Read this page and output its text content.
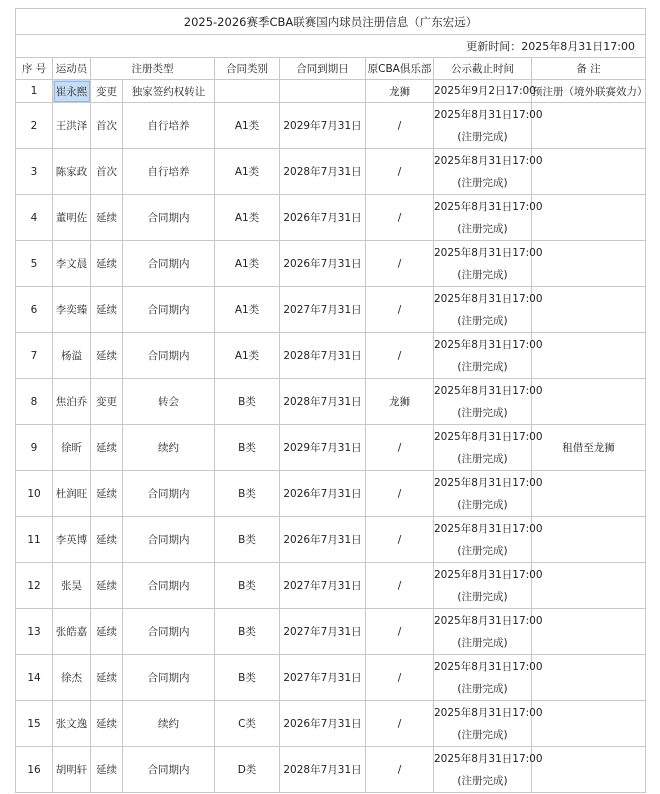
2025-2026赛季CBA联赛国内球员注册信息（广东宏远）								
更新时间：2025年8月31日17:00								
序 号	运动员	注册类型		合同类别	合同到期日	原CBA俱乐部	公示截止时间	备 注
1	崔永熙	变更	独家签约权转让			龙狮	2025年9月2日17:00	预注册（境外联赛效力）
2	王洪泽	首次	自行培养	A1类	2029年7月31日	/	2025年8月31日17:00
(注册完成)	

3	陈家政	首次	自行培养	A1类	2028年7月31日	/	2025年8月31日17:00
(注册完成)	

4	董明佐	延续	合同期内	A1类	2026年7月31日	/	2025年8月31日17:00
(注册完成)	

5	李文晨	延续	合同期内	A1类	2026年7月31日	/	2025年8月31日17:00
(注册完成)	

6	李奕臻	延续	合同期内	A1类	2027年7月31日	/	2025年8月31日17:00
(注册完成)	

7	杨溢	延续	合同期内	A1类	2028年7月31日	/	2025年8月31日17:00
(注册完成)	

8	焦泊乔	变更	转会	B类	2028年7月31日	龙狮	2025年8月31日17:00
(注册完成)	

9	徐昕	延续	续约	B类	2029年7月31日	/	2025年8月31日17:00
(注册完成)	租借至龙狮
10	杜润旺	延续	合同期内	B类	2026年7月31日	/	2025年8月31日17:00
(注册完成)	

11	李英博	延续	合同期内	B类	2026年7月31日	/	2025年8月31日17:00
(注册完成)	

12	张昊	延续	合同期内	B类	2027年7月31日	/	2025年8月31日17:00
(注册完成)	

13	张皓嘉	延续	合同期内	B类	2027年7月31日	/	2025年8月31日17:00
(注册完成)	

14	徐杰	延续	合同期内	B类	2027年7月31日	/	2025年8月31日17:00
(注册完成)	

15	张文逸	延续	续约	C类	2026年7月31日	/	2025年8月31日17:00
(注册完成)	

16	胡明轩	延续	合同期内	D类	2028年7月31日	/	2025年8月31日17:00
(注册完成)	
